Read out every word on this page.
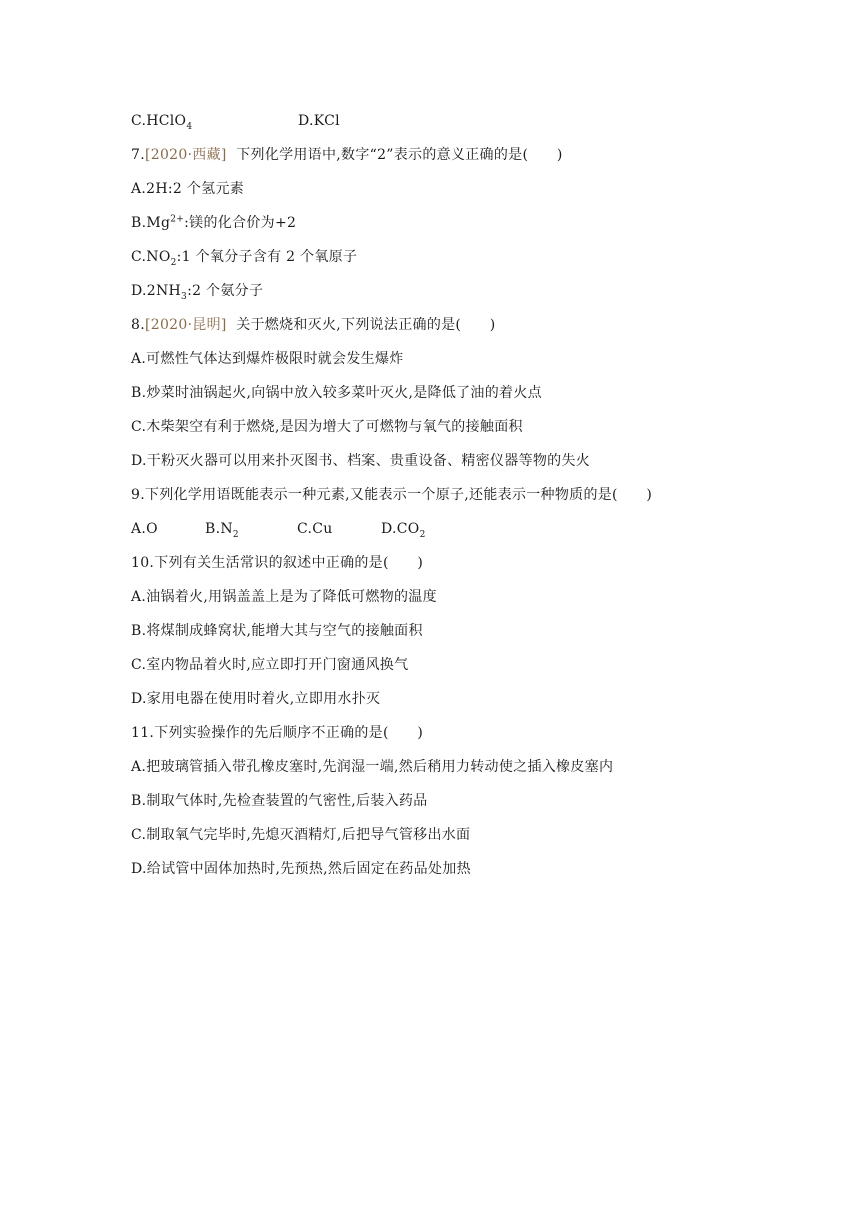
C.HClO$_4$	D.KCl
7.[2020·西藏] 下列化学用语中,数字“2”表示的意义正确的是(　　)
A.2H:2 个氢元素
$B.Mg^{2+}$:镁的化合价为+2
$C.NO_2:1$ 个氧分子含有 2 个氧原子
$D.2NH_3:2$ 个氨分子
8.[2020·昆明] 关于燃烧和灭火,下列说法正确的是(　　)
A.可燃性气体达到爆炸极限时就会发生爆炸
B.炒菜时油锅起火,向锅中放入较多菜叶灭火,是降低了油的着火点
C.木柴架空有利于燃烧,是因为增大了可燃物与氧气的接触面积
D.干粉灭火器可以用来扑灭图书、档案、贵重设备、精密仪器等物的失火
9.下列化学用语既能表示一种元素,又能表示一个原子,还能表示一种物质的是(　　)
A.O	$B.N_2$	C.Cu	$D.CO_2$
10.下列有关生活常识的叙述中正确的是(　　)
A.油锅着火,用锅盖盖上是为了降低可燃物的温度
B.将煤制成蜂窝状,能增大其与空气的接触面积
C.室内物品着火时,应立即打开门窗通风换气
D.家用电器在使用时着火,立即用水扑灭
11.下列实验操作的先后顺序不正确的是(　　)
A.把玻璃管插入带孔橡皮塞时,先润湿一端,然后稍用力转动使之插入橡皮塞内
B.制取气体时,先检查装置的气密性,后装入药品
C.制取氧气完毕时,先熄灭酒精灯,后把导气管移出水面
D.给试管中固体加热时,先预热,然后固定在药品处加热
